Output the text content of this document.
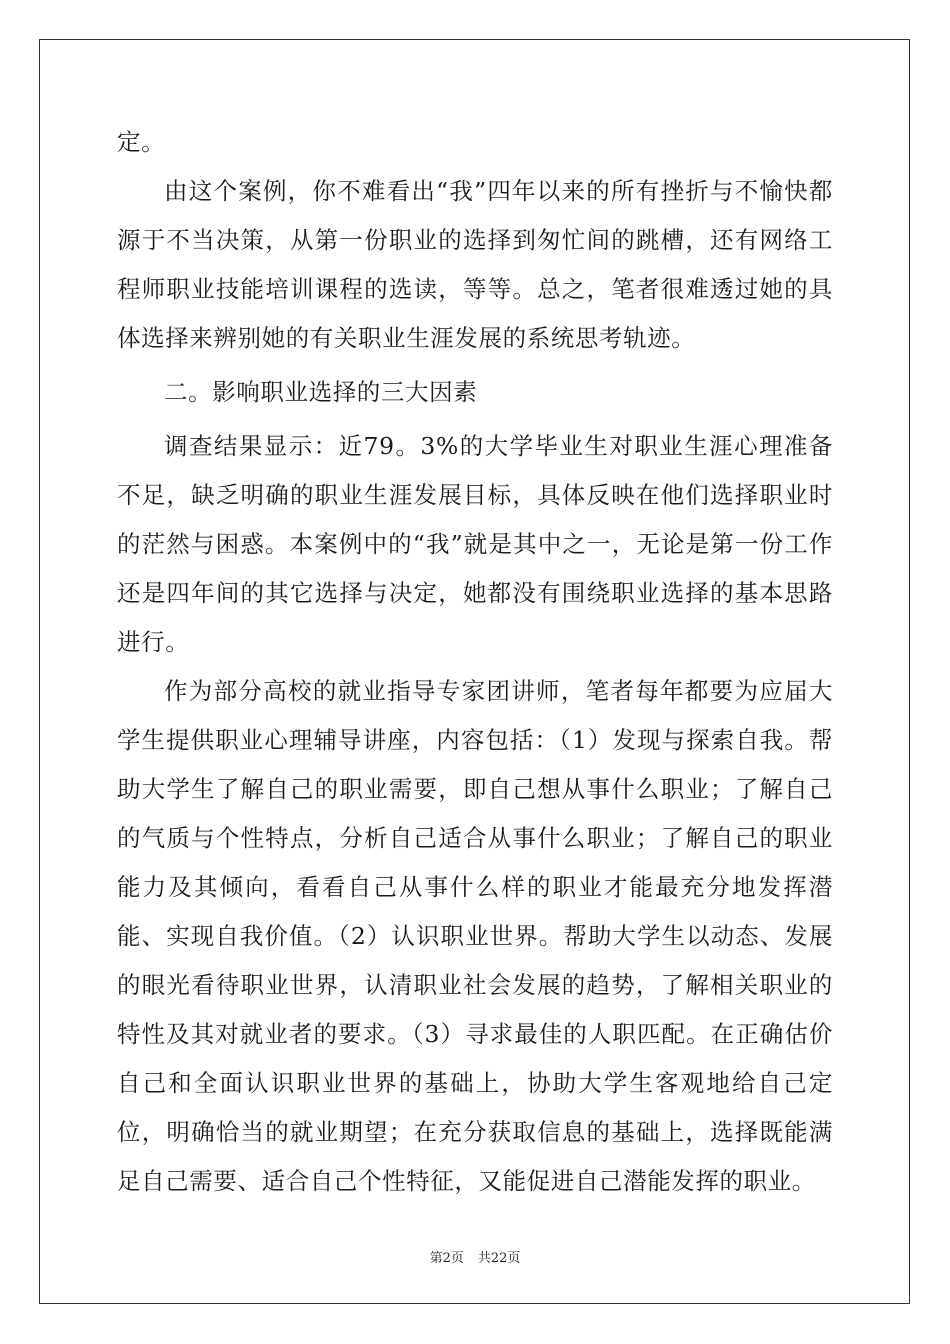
定。

由这个案例，你不难看出“我”四年以来的所有挫折与不愉快都源于不当决策，从第一份职业的选择到匆忙间的跳槽，还有网络工程师职业技能培训课程的选读，等等。总之，笔者很难透过她的具体选择来辨别她的有关职业生涯发展的系统思考轨迹。

二。影响职业选择的三大因素

调查结果显示：近79。3%的大学毕业生对职业生涯心理准备不足，缺乏明确的职业生涯发展目标，具体反映在他们选择职业时的茫然与困惑。本案例中的“我”就是其中之一，无论是第一份工作还是四年间的其它选择与决定，她都没有围绕职业选择的基本思路进行。

作为部分高校的就业指导专家团讲师，笔者每年都要为应届大学生提供职业心理辅导讲座，内容包括：（1）发现与探索自我。帮助大学生了解自己的职业需要，即自己想从事什么职业；了解自己的气质与个性特点，分析自己适合从事什么职业；了解自己的职业能力及其倾向，看看自己从事什么样的职业才能最充分地发挥潜能、实现自我价值。（2）认识职业世界。帮助大学生以动态、发展的眼光看待职业世界，认清职业社会发展的趋势，了解相关职业的特性及其对就业者的要求。（3）寻求最佳的人职匹配。在正确估价自己和全面认识职业世界的基础上，协助大学生客观地给自己定位，明确恰当的就业期望；在充分获取信息的基础上，选择既能满足自己需要、适合自己个性特征，又能促进自己潜能发挥的职业。

第2页 共22页
